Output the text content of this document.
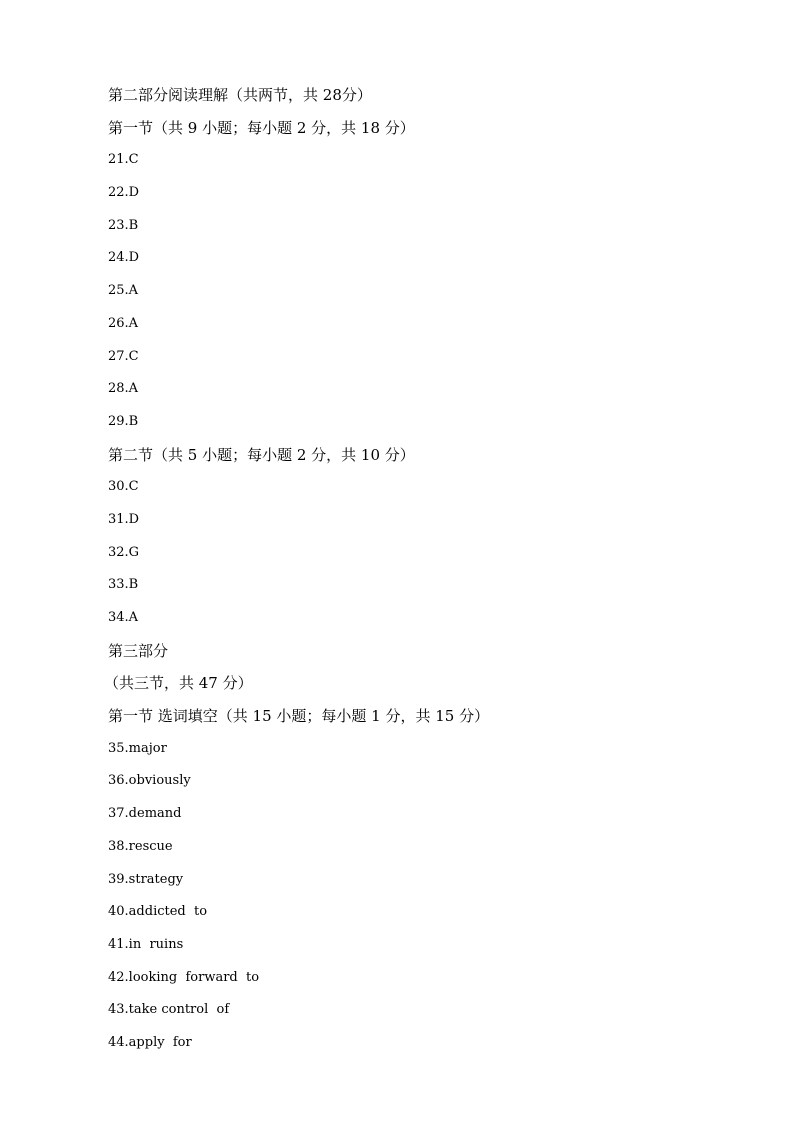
第二部分阅读理解（共两节，共 28分）
第一节（共 9 小题；每小题 2 分，共 18 分）
21.C
22.D
23.B
24.D
25.A
26.A
27.C
28.A
29.B
第二节（共 5 小题；每小题 2 分，共 10 分）
30.C
31.D
32.G
33.B
34.A
第三部分
（共三节，共 47 分）
第一节 选词填空（共 15 小题；每小题 1 分，共 15 分）
35.major
36.obviously
37.demand
38.rescue
39.strategy
40.addicted  to
41.in  ruins
42.looking  forward  to
43.take control  of
44.apply  for
